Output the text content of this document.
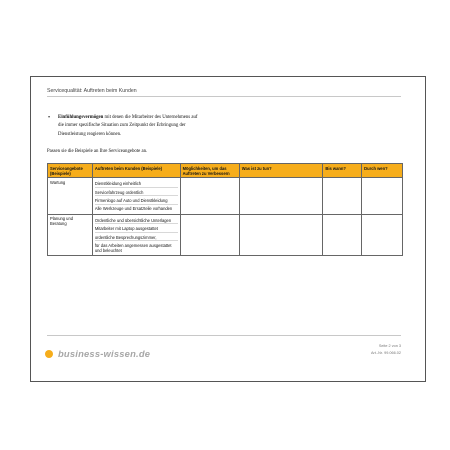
Servicequalität: Auftreten beim Kunden
• Einfühlungsvermögen mit denen die Mitarbeiter des Unternehmens auf
die immer spezifische Situation zum Zeitpunkt der Erbringung der
Dienstleistung reagieren können.
Passen sie die Beispiele an Ihre Serviceangebote an.
Serviceangebote (Beispiele)	Auftreten beim Kunden (Beispiele)	Möglichkeiten, um das Auftreten zu Verbessern	Was ist zu tun?	Bis wann?	Durch wen?
Wartung	Dienstkleidung einheitlich
Servicefahrzeug ordentlich
Firmenlogo auf Auto und Dienstkleidung
Alle Werkzeuge und Ersatzteile vorhanden				

Planung und Beratung	Ordentliche und übersichtliche Unterlagen
Mitarbeiter mit Laptop ausgestattet
ordentliche Besprechungszimmer,
für das Arbeiten angemessen ausgestattet und beleuchtet				

business-wissen.de
Seite 2 von 3
Art.-Nr. 99.066.02
